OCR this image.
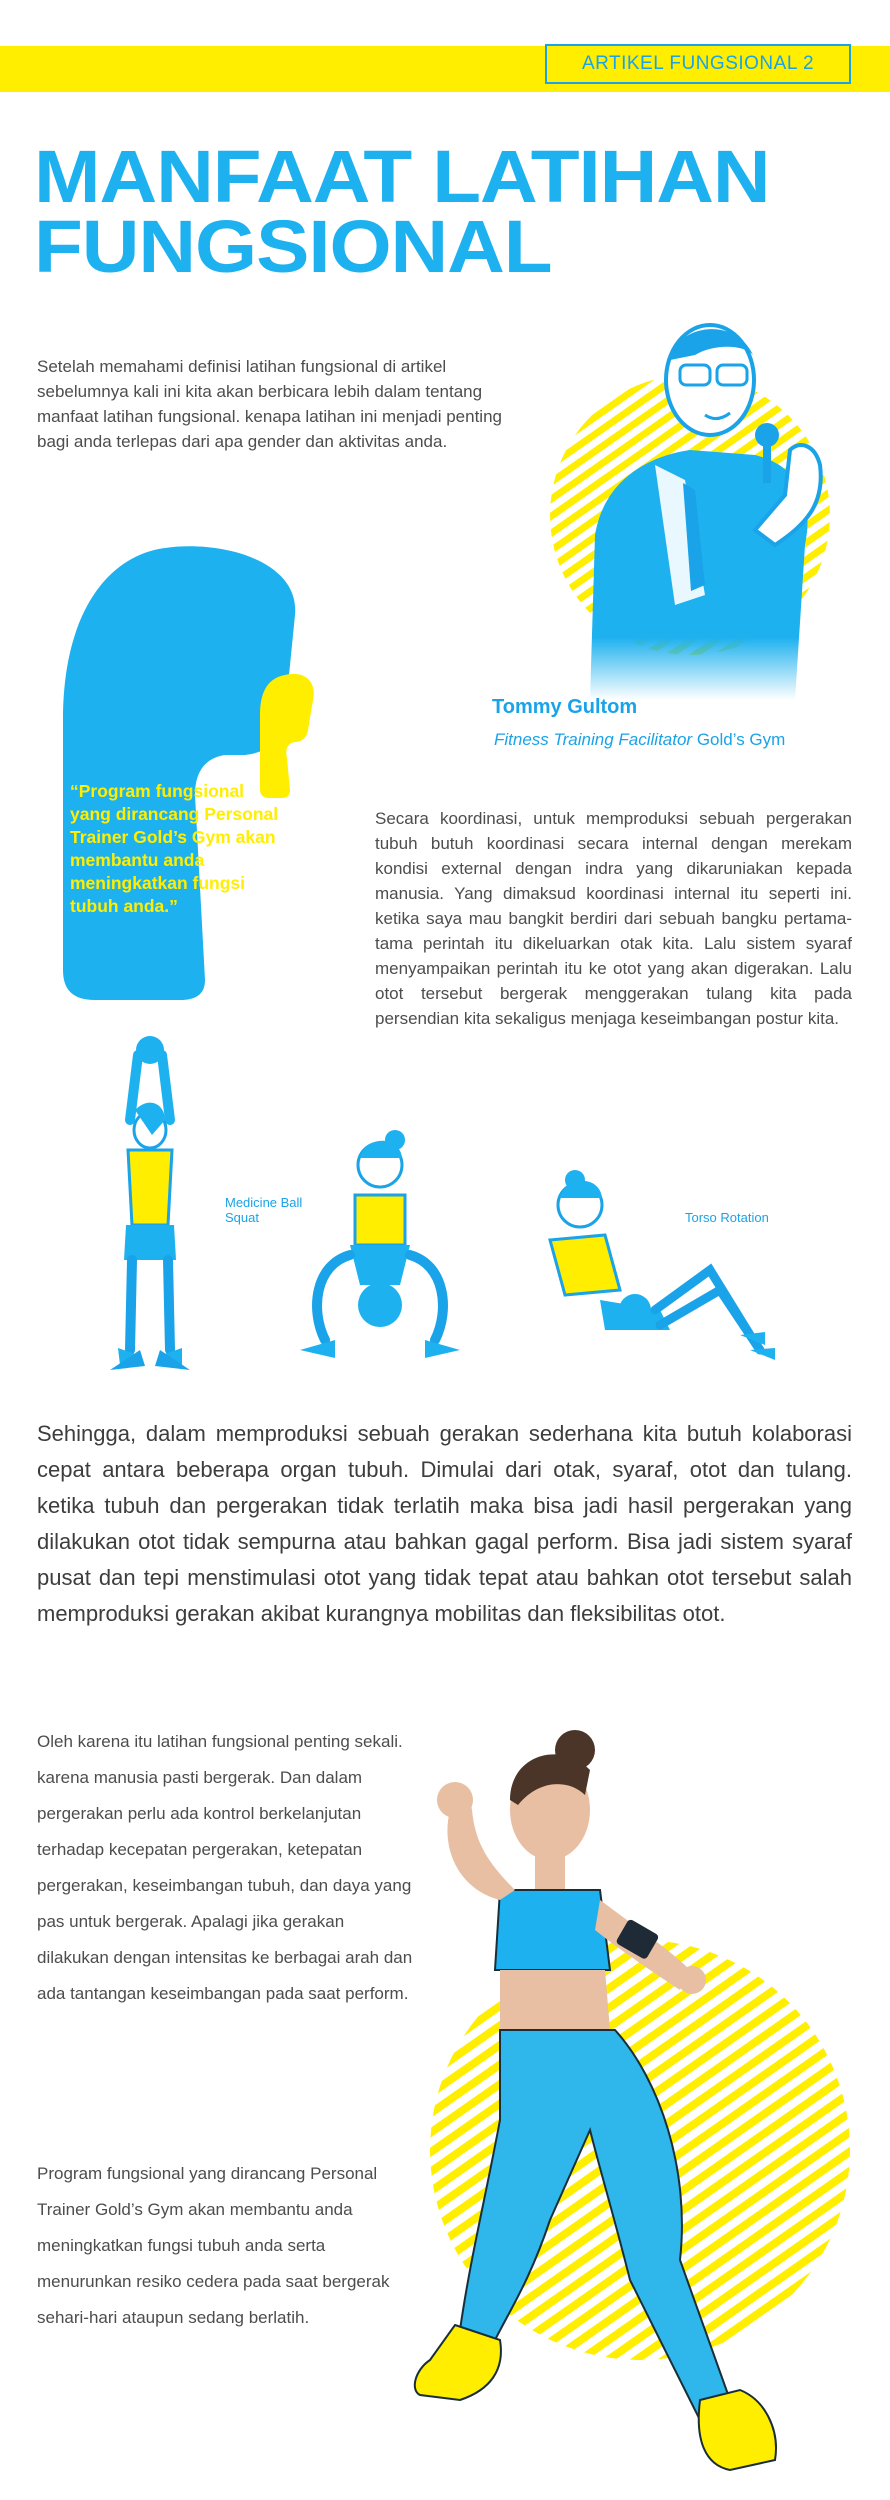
ARTIKEL FUNGSIONAL 2
MANFAAT LATIHAN
FUNGSIONAL

Setelah memahami definisi latihan fungsional di artikel sebelumnya kali ini kita akan berbicara lebih dalam tentang manfaat latihan fungsional. kenapa latihan ini menjadi penting bagi anda terlepas dari apa gender dan aktivitas anda.

Tommy Gultom

Fitness Training Facilitator Gold’s Gym

“Program fungsional yang dirancang Personal Trainer Gold’s Gym akan membantu anda meningkatkan fungsi tubuh anda.”

Secara koordinasi, untuk memproduksi sebuah pergerakan tubuh butuh koordinasi secara internal dengan merekam kondisi external dengan indra yang dikaruniakan kepada manusia. Yang dimaksud koordinasi internal itu seperti ini. ketika saya mau bangkit berdiri dari sebuah bangku pertama-tama perintah itu dikeluarkan otak kita. Lalu sistem syaraf menyampaikan perintah itu ke otot yang akan digerakan. Lalu otot tersebut bergerak menggerakan tulang kita pada persendian kita sekaligus menjaga keseimbangan postur kita.

Medicine Ball Squat	Torso Rotation

Sehingga, dalam memproduksi sebuah gerakan sederhana kita butuh kolaborasi cepat antara beberapa organ tubuh. Dimulai dari otak, syaraf, otot dan tulang. ketika tubuh dan pergerakan tidak terlatih maka bisa jadi hasil pergerakan yang dilakukan otot tidak sempurna atau bahkan gagal perform. Bisa jadi sistem syaraf pusat dan tepi menstimulasi otot yang tidak tepat atau bahkan otot tersebut salah memproduksi gerakan akibat kurangnya mobilitas dan fleksibilitas otot.

Oleh karena itu latihan fungsional penting sekali. karena manusia pasti bergerak. Dan dalam pergerakan perlu ada kontrol berkelanjutan terhadap kecepatan pergerakan, ketepatan pergerakan, keseimbangan tubuh, dan daya yang pas untuk bergerak. Apalagi jika gerakan dilakukan dengan intensitas ke berbagai arah dan ada tantangan keseimbangan pada saat perform.

Program fungsional yang dirancang Personal Trainer Gold’s Gym akan membantu anda meningkatkan fungsi tubuh anda serta menurunkan resiko cedera pada saat bergerak sehari-hari ataupun sedang berlatih.
